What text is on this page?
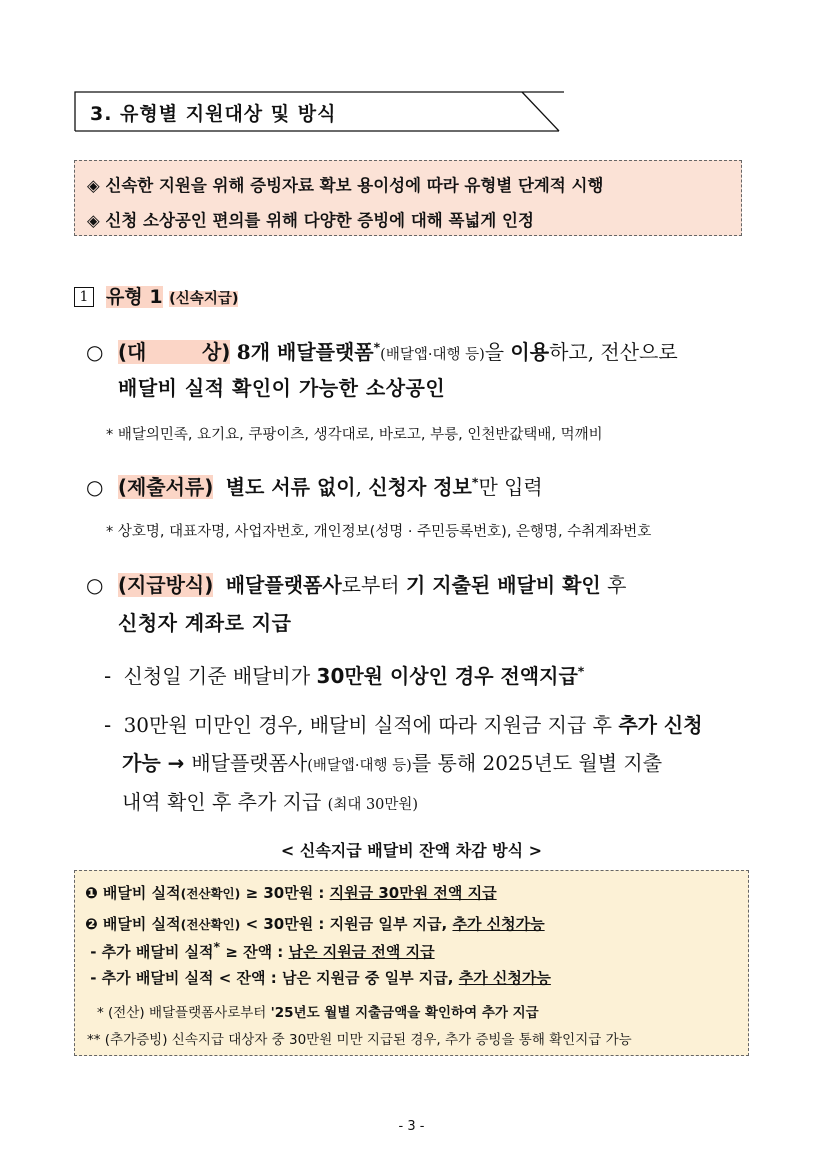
3. 유형별 지원대상 및 방식
◈ 신속한 지원을 위해 증빙자료 확보 용이성에 따라 유형별 단계적 시행
◈ 신청 소상공인 편의를 위해 다양한 증빙에 대해 폭넓게 인정
1 유형 1 (신속지급)
○ (대        상) 8개 배달플랫폼*(배달앱·대행 등)을 이용하고, 전산으로
배달비 실적 확인이 가능한 소상공인
* 배달의민족, 요기요, 쿠팡이츠, 생각대로, 바로고, 부릉, 인천반값택배, 먹깨비
○ (제출서류) 별도 서류 없이, 신청자 정보*만 입력
* 상호명, 대표자명, 사업자번호, 개인정보(성명 · 주민등록번호), 은행명, 수취계좌번호
○ (지급방식) 배달플랫폼사로부터 기 지출된 배달비 확인 후
신청자 계좌로 지급
- 신청일 기준 배달비가 30만원 이상인 경우 전액지급*
- 30만원 미만인 경우, 배달비 실적에 따라 지원금 지급 후 추가 신청
가능 → 배달플랫폼사(배달앱·대행 등)를 통해 2025년도 월별 지출
내역 확인 후 추가 지급 (최대 30만원)
< 신속지급 배달비 잔액 차감 방식 >
❶ 배달비 실적(전산확인) ≥ 30만원 : 지원금 30만원 전액 지급
❷ 배달비 실적(전산확인) < 30만원 : 지원금 일부 지급, 추가 신청가능
- 추가 배달비 실적* ≥ 잔액 : 남은 지원금 전액 지급
- 추가 배달비 실적 < 잔액 : 남은 지원금 중 일부 지급, 추가 신청가능
* (전산) 배달플랫폼사로부터 '25년도 월별 지출금액을 확인하여 추가 지급
** (추가증빙) 신속지급 대상자 중 30만원 미만 지급된 경우, 추가 증빙을 통해 확인지급 가능
- 3 -
